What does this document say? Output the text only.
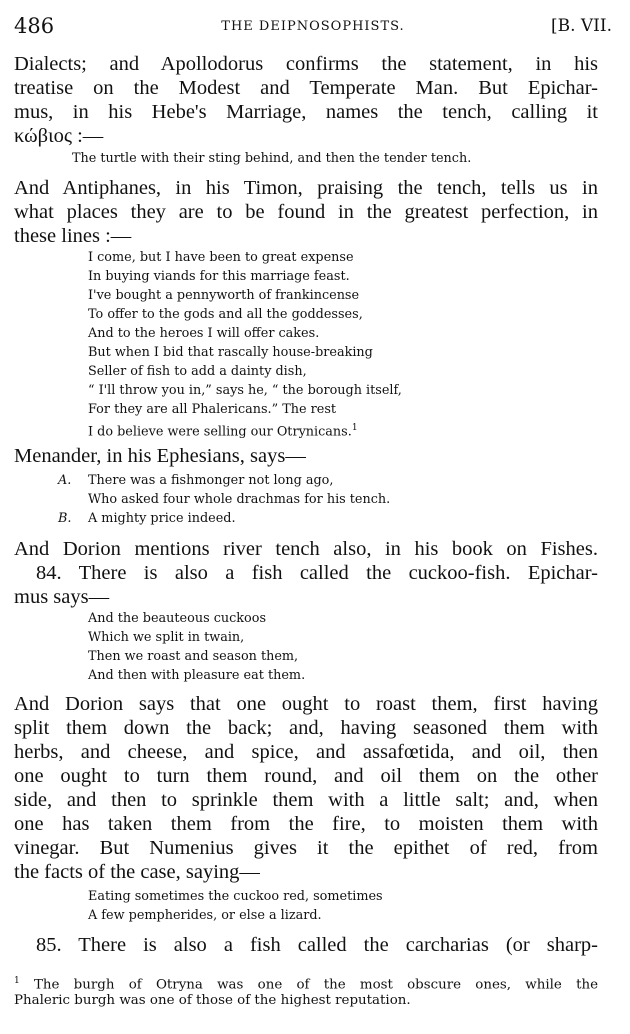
486	THE DEIPNOSOPHISTS.	[B. VII.
Dialects; and Apollodorus confirms the statement, in his
treatise on the Modest and Temperate Man. But Epichar-
mus, in his Hebe's Marriage, names the tench, calling it
κώβιος :—
The turtle with their sting behind, and then the tender tench.
And Antiphanes, in his Timon, praising the tench, tells us in
what places they are to be found in the greatest perfection, in
these lines :—
I come, but I have been to great expense
In buying viands for this marriage feast.
I've bought a pennyworth of frankincense
To offer to the gods and all the goddesses,
And to the heroes I will offer cakes.
But when I bid that rascally house-breaking
Seller of fish to add a dainty dish,
“ I'll throw you in,” says he, “ the borough itself,
For they are all Phalericans.” The rest
I do believe were selling our Otrynicans.$^1$
Menander, in his Ephesians, says—
A. There was a fishmonger not long ago,
Who asked four whole drachmas for his tench.
B. A mighty price indeed.
And Dorion mentions river tench also, in his book on Fishes.
84. There is also a fish called the cuckoo-fish. Epichar-
mus says—
And the beauteous cuckoos
Which we split in twain,
Then we roast and season them,
And then with pleasure eat them.
And Dorion says that one ought to roast them, first having
split them down the back; and, having seasoned them with
herbs, and cheese, and spice, and assafœtida, and oil, then
one ought to turn them round, and oil them on the other
side, and then to sprinkle them with a little salt; and, when
one has taken them from the fire, to moisten them with
vinegar. But Numenius gives it the epithet of red, from
the facts of the case, saying—
Eating sometimes the cuckoo red, sometimes
A few pempherides, or else a lizard.
85. There is also a fish called the carcharias (or sharp-
$^1$ The burgh of Otryna was one of the most obscure ones, while the
Phaleric burgh was one of those of the highest reputation.
